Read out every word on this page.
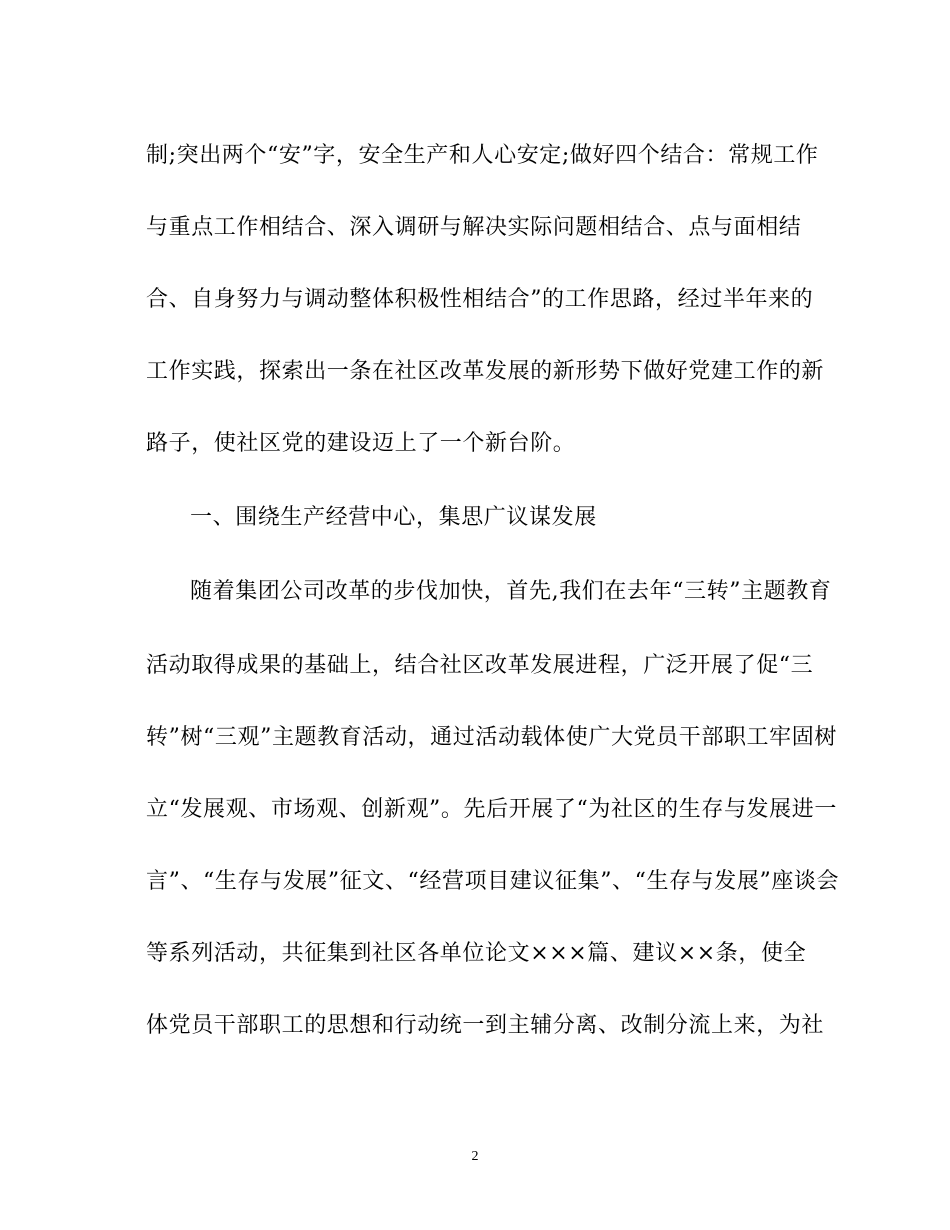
制;突出两个“安”字，安全生产和人心安定;做好四个结合：常规工作
与重点工作相结合、深入调研与解决实际问题相结合、点与面相结
合、自身努力与调动整体积极性相结合”的工作思路，经过半年来的
工作实践，探索出一条在社区改革发展的新形势下做好党建工作的新
路子，使社区党的建设迈上了一个新台阶。
一、围绕生产经营中心，集思广议谋发展
随着集团公司改革的步伐加快，首先,我们在去年“三转”主题教育
活动取得成果的基础上，结合社区改革发展进程，广泛开展了促“三
转”树“三观”主题教育活动，通过活动载体使广大党员干部职工牢固树
立“发展观、市场观、创新观”。先后开展了“为社区的生存与发展进一
言”、“生存与发展”征文、“经营项目建议征集”、“生存与发展”座谈会
等系列活动，共征集到社区各单位论文×××篇、建议××条，使全
体党员干部职工的思想和行动统一到主辅分离、改制分流上来，为社
2
